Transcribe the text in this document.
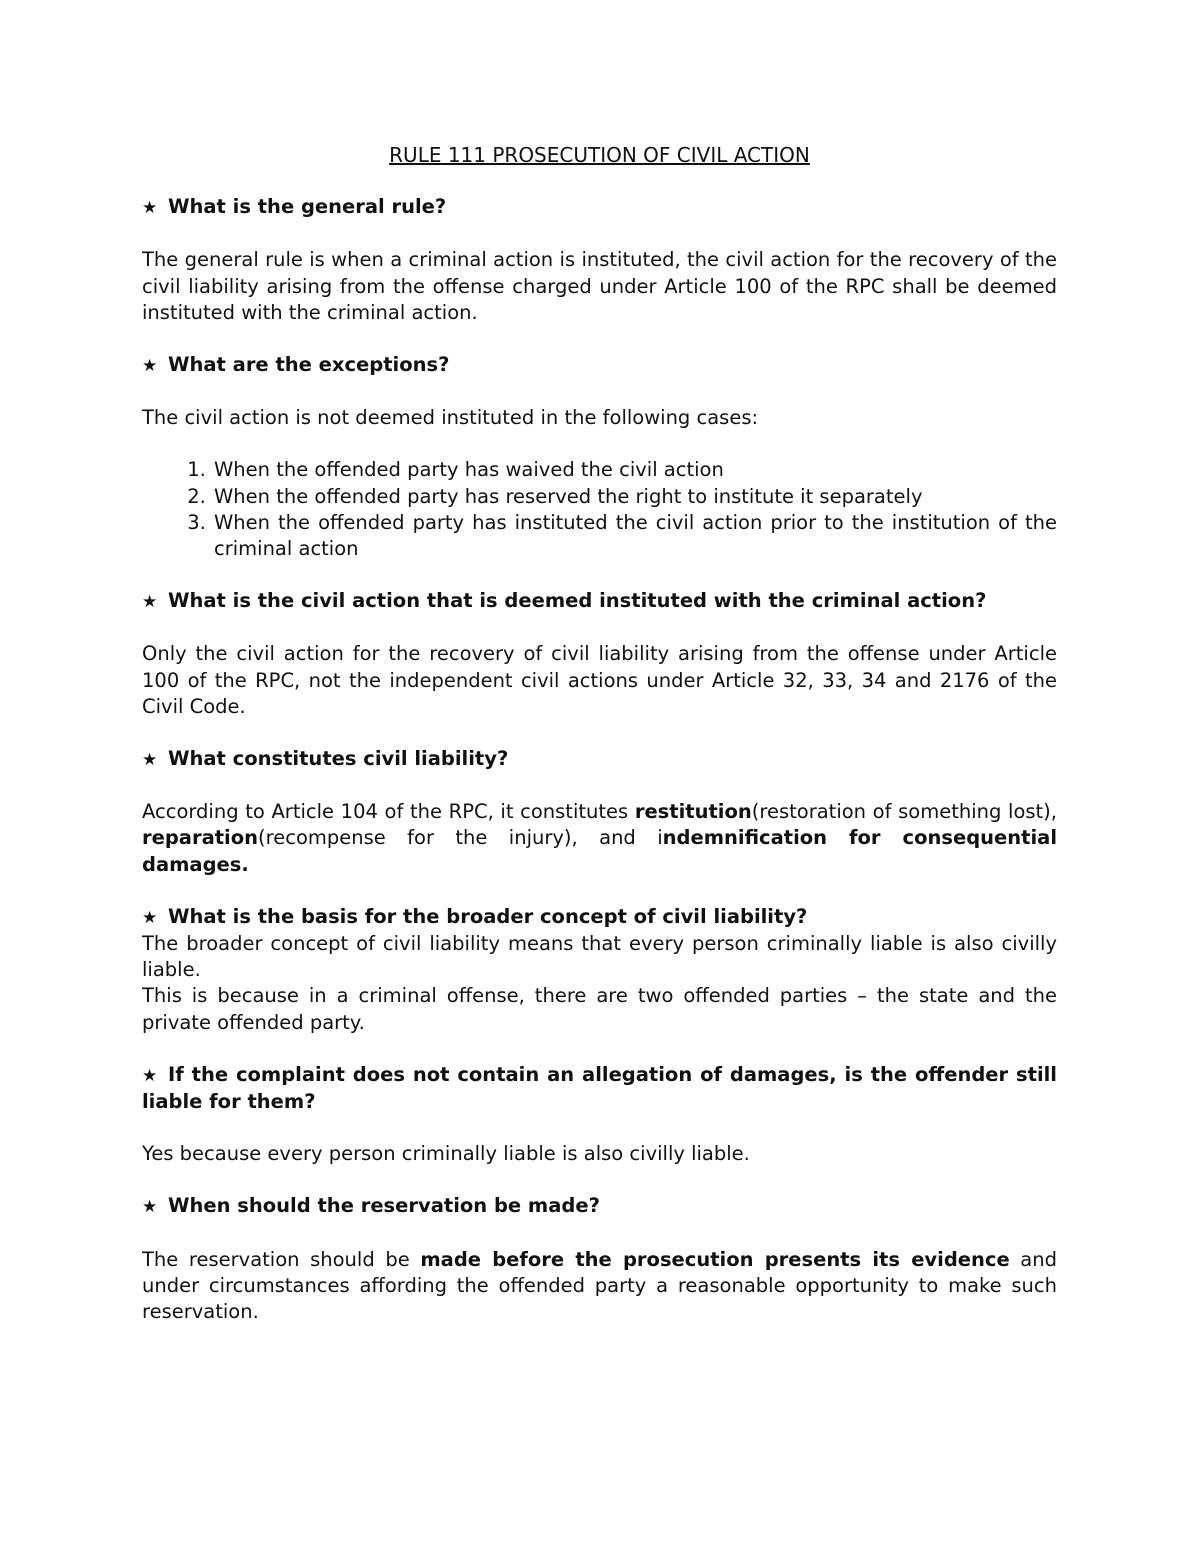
RULE 111 PROSECUTION OF CIVIL ACTION

★ What is the general rule?

The general rule is when a criminal action is instituted, the civil action for the recovery of the civil liability arising from the offense charged under Article 100 of the RPC shall be deemed instituted with the criminal action.

★ What are the exceptions?

The civil action is not deemed instituted in the following cases:

1. When the offended party has waived the civil action
2. When the offended party has reserved the right to institute it separately
3. When the offended party has instituted the civil action prior to the institution of the criminal action

★ What is the civil action that is deemed instituted with the criminal action?

Only the civil action for the recovery of civil liability arising from the offense under Article 100 of the RPC, not the independent civil actions under Article 32, 33, 34 and 2176 of the Civil Code.

★ What constitutes civil liability?

According to Article 104 of the RPC, it constitutes restitution(restoration of something lost), reparation(recompense for the injury), and indemnification for consequential damages.

★ What is the basis for the broader concept of civil liability?

The broader concept of civil liability means that every person criminally liable is also civilly liable.

This is because in a criminal offense, there are two offended parties – the state and the private offended party.

★ If the complaint does not contain an allegation of damages, is the offender still liable for them?

Yes because every person criminally liable is also civilly liable.

★ When should the reservation be made?

The reservation should be made before the prosecution presents its evidence and under circumstances affording the offended party a reasonable opportunity to make such reservation.
